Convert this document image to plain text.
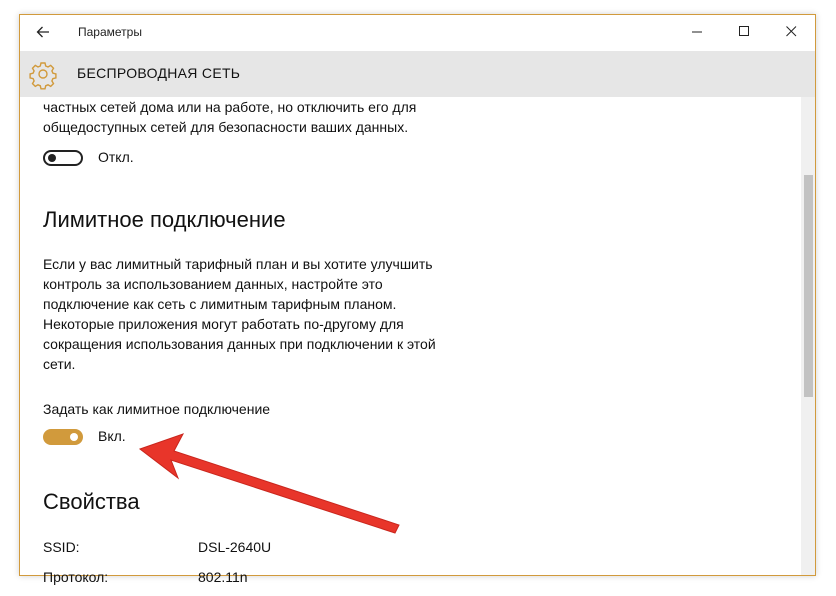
Параметры
БЕСПРОВОДНАЯ СЕТЬ
частных сетей дома или на работе, но отключить его для
общедоступных сетей для безопасности ваших данных.
Откл.
Лимитное подключение
Если у вас лимитный тарифный план и вы хотите улучшить
контроль за использованием данных, настройте это
подключение как сеть с лимитным тарифным планом.
Некоторые приложения могут работать по-другому для
сокращения использования данных при подключении к этой
сети.
Задать как лимитное подключение
Вкл.
Свойства
SSID:	DSL-2640U
Протокол:	802.11n
